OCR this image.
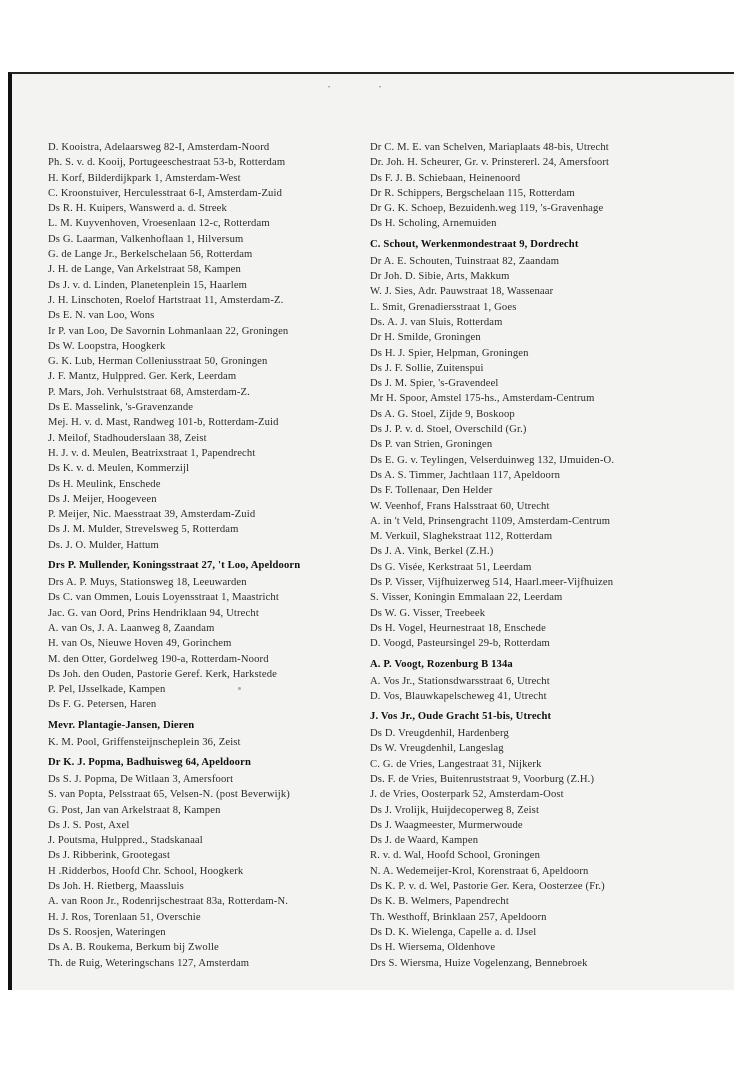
•	•
D. Kooistra, Adelaarsweg 82-I, Amsterdam-Noord
Ph. S. v. d. Kooij, Portugeeschestraat 53-b, Rotterdam
H. Korf, Bilderdijkpark 1, Amsterdam-West
C. Kroonstuiver, Herculesstraat 6-I, Amsterdam-Zuid
Ds R. H. Kuipers, Wanswerd a. d. Streek
L. M. Kuyvenhoven, Vroesenlaan 12-c, Rotterdam
Ds G. Laarman, Valkenhoflaan 1, Hilversum
G. de Lange Jr., Berkelschelaan 56, Rotterdam
J. H. de Lange, Van Arkelstraat 58, Kampen
Ds J. v. d. Linden, Planetenplein 15, Haarlem
J. H. Linschoten, Roelof Hartstraat 11, Amsterdam-Z.
Ds E. N. van Loo, Wons
Ir P. van Loo, De Savornin Lohmanlaan 22, Groningen
Ds W. Loopstra, Hoogkerk
G. K. Lub, Herman Colleniusstraat 50, Groningen
J. F. Mantz, Hulppred. Ger. Kerk, Leerdam
P. Mars, Joh. Verhulststraat 68, Amsterdam-Z.
Ds E. Masselink, 's-Gravenzande
Mej. H. v. d. Mast, Randweg 101-b, Rotterdam-Zuid
J. Meilof, Stadhouderslaan 38, Zeist
H. J. v. d. Meulen, Beatrixstraat 1, Papendrecht
Ds K. v. d. Meulen, Kommerzijl
Ds H. Meulink, Enschede
Ds J. Meijer, Hoogeveen
P. Meijer, Nic. Maesstraat 39, Amsterdam-Zuid
Ds J. M. Mulder, Strevelsweg 5, Rotterdam
Ds. J. O. Mulder, Hattum
Drs P. Mullender, Koningsstraat 27, 't Loo, Apeldoorn
Drs A. P. Muys, Stationsweg 18, Leeuwarden
Ds C. van Ommen, Louis Loyensstraat 1, Maastricht
Jac. G. van Oord, Prins Hendriklaan 94, Utrecht
A. van Os, J. A. Laanweg 8, Zaandam
H. van Os, Nieuwe Hoven 49, Gorinchem
M. den Otter, Gordelweg 190-a, Rotterdam-Noord
Ds Joh. den Ouden, Pastorie Geref. Kerk, Harkstede
P. Pel, IJsselkade, Kampen
Ds F. G. Petersen, Haren
Mevr. Plantagie-Jansen, Dieren
K. M. Pool, Griffensteijnscheplein 36, Zeist
Dr K. J. Popma, Badhuisweg 64, Apeldoorn
Ds S. J. Popma, De Witlaan 3, Amersfoort
S. van Popta, Pelsstraat 65, Velsen-N. (post Beverwijk)
G. Post, Jan van Arkelstraat 8, Kampen
Ds J. S. Post, Axel
J. Poutsma, Hulppred., Stadskanaal
Ds J. Ribberink, Grootegast
H .Ridderbos, Hoofd Chr. School, Hoogkerk
Ds Joh. H. Rietberg, Maassluis
A. van Roon Jr., Rodenrijschestraat 83a, Rotterdam-N.
H. J. Ros, Torenlaan 51, Overschie
Ds S. Roosjen, Wateringen
Ds A. B. Roukema, Berkum bij Zwolle
Th. de Ruig, Weteringschans 127, Amsterdam
Dr C. M. E. van Schelven, Mariaplaats 48-bis, Utrecht
Dr. Joh. H. Scheurer, Gr. v. Prinstererl. 24, Amersfoort
Ds F. J. B. Schiebaan, Heinenoord
Dr R. Schippers, Bergschelaan 115, Rotterdam
Dr G. K. Schoep, Bezuidenh.weg 119, 's-Gravenhage
Ds H. Scholing, Arnemuiden
C. Schout, Werkenmondestraat 9, Dordrecht
Dr A. E. Schouten, Tuinstraat 82, Zaandam
Dr Joh. D. Sibie, Arts, Makkum
W. J. Sies, Adr. Pauwstraat 18, Wassenaar
L. Smit, Grenadiersstraat 1, Goes
Ds. A. J. van Sluis, Rotterdam
Dr H. Smilde, Groningen
Ds H. J. Spier, Helpman, Groningen
Ds J. F. Sollie, Zuitenspui
Ds J. M. Spier, 's-Gravendeel
Mr H. Spoor, Amstel 175-hs., Amsterdam-Centrum
Ds A. G. Stoel, Zijde 9, Boskoop
Ds J. P. v. d. Stoel, Overschild (Gr.)
Ds P. van Strien, Groningen
Ds E. G. v. Teylingen, Velserduinweg 132, IJmuiden-O.
Ds A. S. Timmer, Jachtlaan 117, Apeldoorn
Ds F. Tollenaar, Den Helder
W. Veenhof, Frans Halsstraat 60, Utrecht
A. in 't Veld, Prinsengracht 1109, Amsterdam-Centrum
M. Verkuil, Slaghekstraat 112, Rotterdam
Ds J. A. Vink, Berkel (Z.H.)
Ds G. Visée, Kerkstraat 51, Leerdam
Ds P. Visser, Vijfhuizerweg 514, Haarl.meer-Vijfhuizen
S. Visser, Koningin Emmalaan 22, Leerdam
Ds W. G. Visser, Treebeek
Ds H. Vogel, Heurnestraat 18, Enschede
D. Voogd, Pasteursingel 29-b, Rotterdam
A. P. Voogt, Rozenburg B 134a
A. Vos Jr., Stationsdwarsstraat 6, Utrecht
D. Vos, Blauwkapelscheweg 41, Utrecht
J. Vos Jr., Oude Gracht 51-bis, Utrecht
Ds D. Vreugdenhil, Hardenberg
Ds W. Vreugdenhil, Langeslag
C. G. de Vries, Langestraat 31, Nijkerk
Ds. F. de Vries, Buitenruststraat 9, Voorburg (Z.H.)
J. de Vries, Oosterpark 52, Amsterdam-Oost
Ds J. Vrolijk, Huijdecoperweg 8, Zeist
Ds J. Waagmeester, Murmerwoude
Ds J. de Waard, Kampen
R. v. d. Wal, Hoofd School, Groningen
N. A. Wedemeijer-Krol, Korenstraat 6, Apeldoorn
Ds K. P. v. d. Wel, Pastorie Ger. Kera, Oosterzee (Fr.)
Ds K. B. Welmers, Papendrecht
Th. Westhoff, Brinklaan 257, Apeldoorn
Ds D. K. Wielenga, Capelle a. d. IJsel
Ds H. Wiersema, Oldenhove
Drs S. Wiersma, Huize Vogelenzang, Bennebroek
